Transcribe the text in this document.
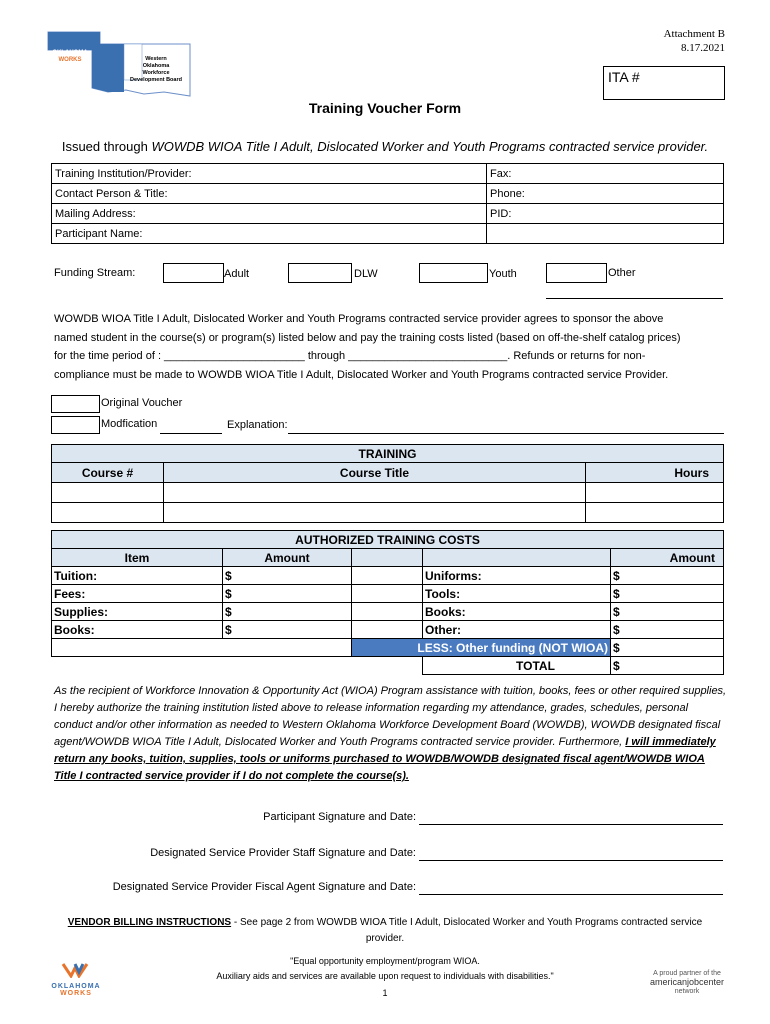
OKLAHOMA
WORKS
A proud partner of the
americanjobcenter
network
Western
Oklahoma
Workforce
Development Board
Attachment B
8.17.2021
ITA #
Training Voucher Form
Issued through WOWDB WIOA Title I Adult, Dislocated Worker and Youth Programs contracted service provider.
Training Institution/Provider:	Fax:
Contact Person & Title:	Phone:
Mailing Address:	PID:
Participant Name:	
Funding Stream:	Adult	DLW	Youth	Other
WOWDB WIOA Title I Adult, Dislocated Worker and Youth Programs contracted service provider agrees to sponsor the above
named student in the course(s) or program(s) listed below and pay the training costs listed (based on off-the-shelf catalog prices)
for the time period of : _______________________ through __________________________. Refunds or returns for non-
compliance must be made to WOWDB WIOA Title I Adult, Dislocated Worker and Youth Programs contracted service Provider.
Original Voucher
Modfication	Explanation:
TRAINING		
Course #	Course Title	Hours

AUTHORIZED TRAINING COSTS				
Item	Amount			Amount
Tuition:	$		Uniforms:	$
Fees:	$		Tools:	$
Supplies:	$		Books:	$
Books:	$		Other:	$
		LESS: Other funding (NOT WIOA)		$
			TOTAL	$
As the recipient of Workforce Innovation & Opportunity Act (WIOA) Program assistance with tuition, books, fees or other required supplies, I hereby authorize the training institution listed above to release information regarding my attendance, grades, schedules, personal conduct and/or other information as needed to Western Oklahoma Workforce Development Board (WOWDB), WOWDB designated fiscal agent/WOWDB WIOA Title I Adult, Dislocated Worker and Youth Programs contracted service provider. Furthermore, I will immediately return any books, tuition, supplies, tools or uniforms purchased to WOWDB/WOWDB designated fiscal agent/WOWDB WIOA Title I contracted service provider if I do not complete the course(s).
Participant Signature and Date:
Designated Service Provider Staff Signature and Date:
Designated Service Provider Fiscal Agent Signature and Date:
VENDOR BILLING INSTRUCTIONS - See page 2 from WOWDB WIOA Title I Adult, Dislocated Worker and Youth Programs contracted service provider.
"Equal opportunity employment/program WIOA.
Auxiliary aids and services are available upon request to individuals with disabilities."
1
OKLAHOMA
WORKS
A proud partner of the
americanjobcenter
network
